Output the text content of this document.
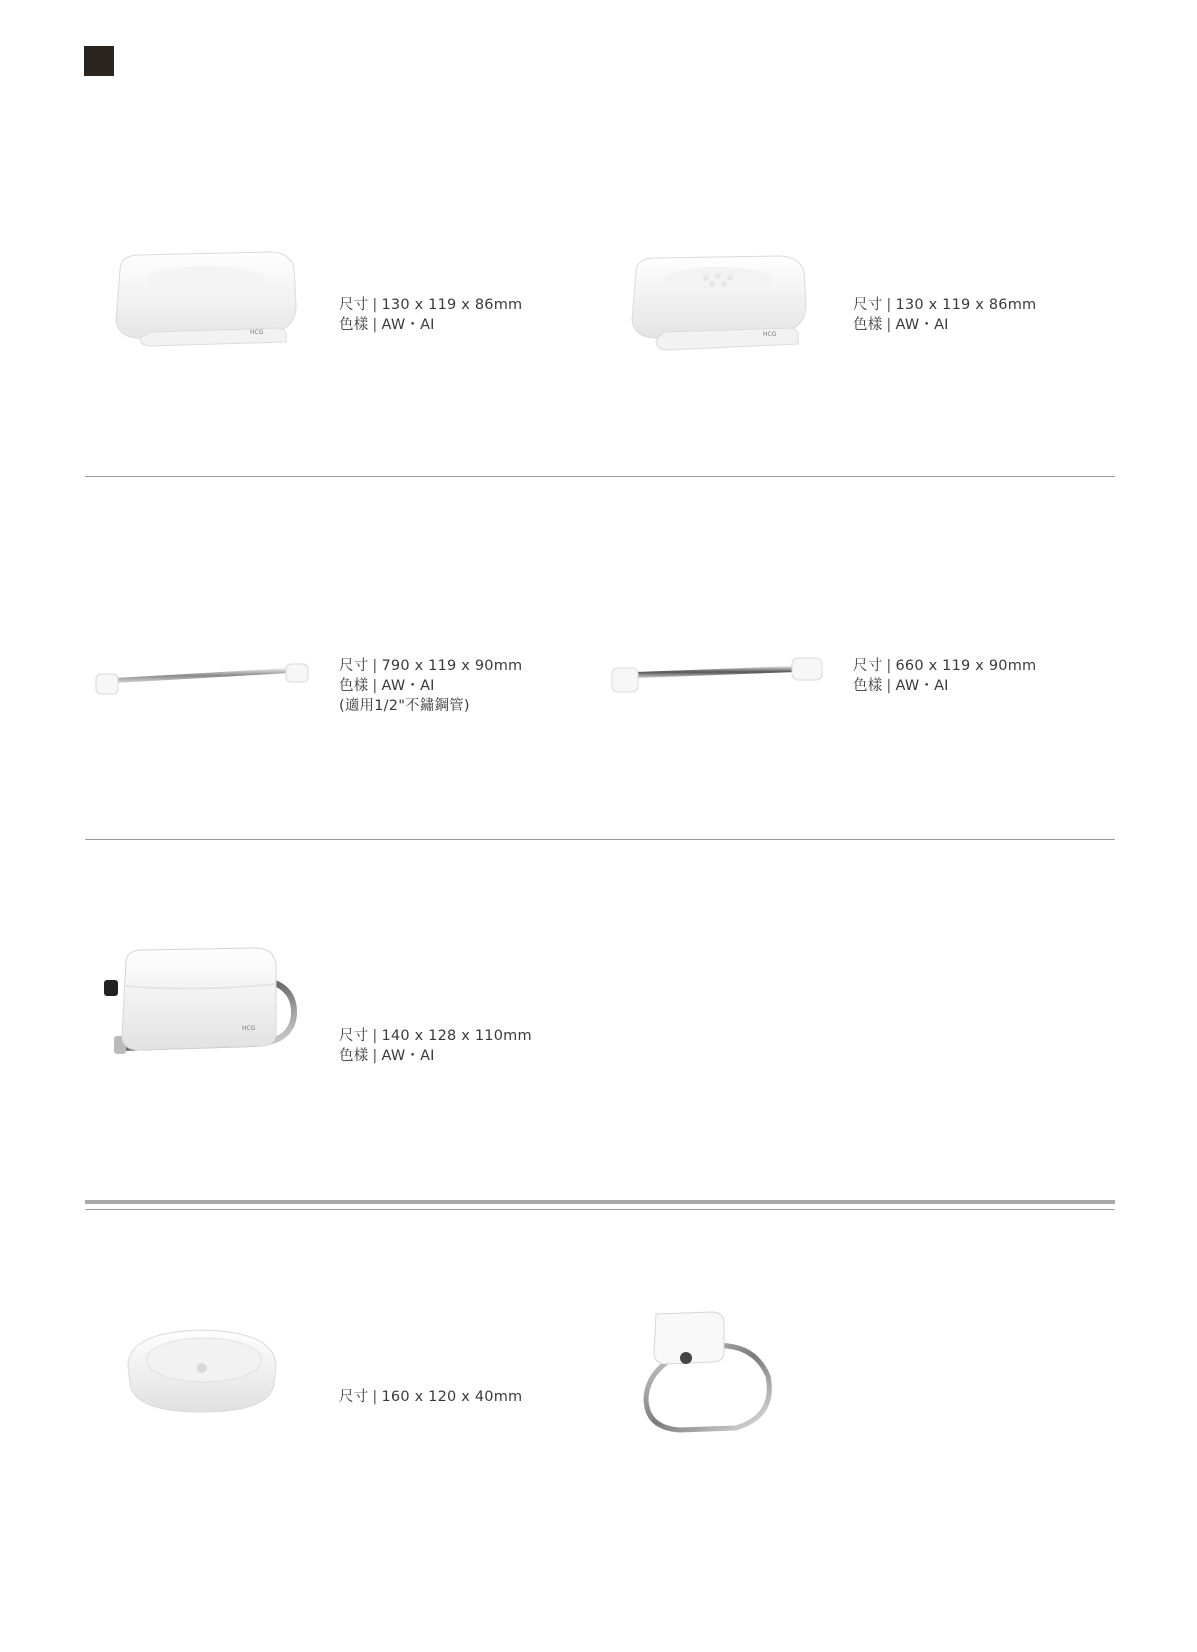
HCG
尺寸 | 130 x 119 x 86mm
色樣 | AW・AI
HCG
尺寸 | 130 x 119 x 86mm
色樣 | AW・AI
尺寸 | 790 x 119 x 90mm
色樣 | AW・AI
(適用1/2"不鏽鋼管)
尺寸 | 660 x 119 x 90mm
色樣 | AW・AI
HCG	尺寸 | 140 x 128 x 110mm
色樣 | AW・AI
尺寸 | 160 x 120 x 40mm
